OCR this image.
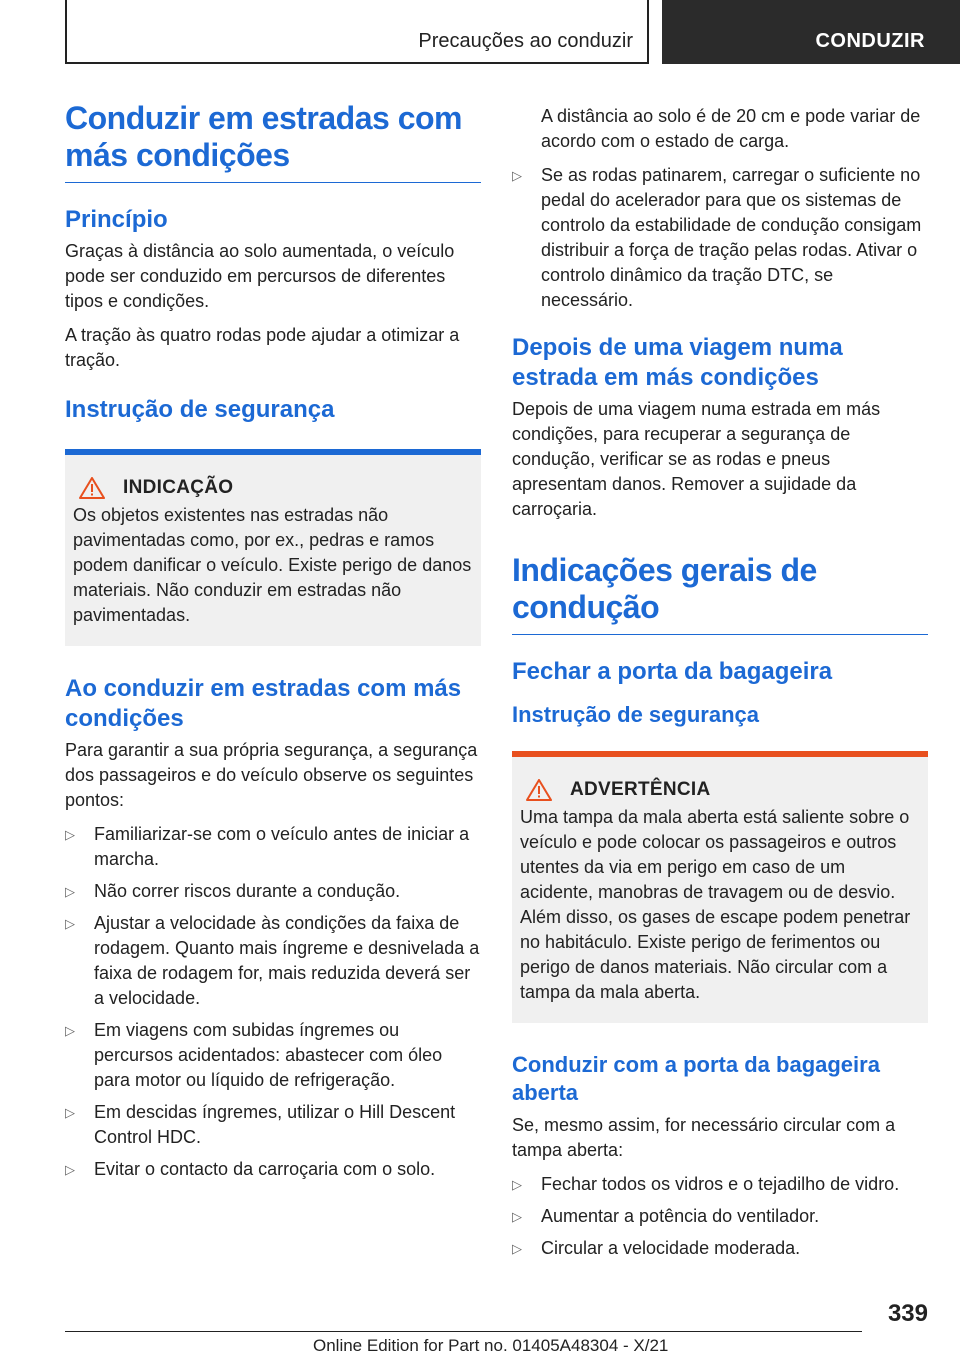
Precauções ao conduzir	CONDUZIR
Conduzir em estradas com más condições
Princípio

Graças à distância ao solo aumentada, o veículo pode ser conduzido em percursos de diferentes tipos e condições.

A tração às quatro rodas pode ajudar a otimizar a tração.

Instrução de segurança
INDICAÇÃO

Os objetos existentes nas estradas não pavimentadas como, por ex., pedras e ramos podem danificar o veículo. Existe perigo de danos materiais. Não conduzir em estradas não pavimentadas.

Ao conduzir em estradas com más condições

Para garantir a sua própria segurança, a segurança dos passageiros e do veículo observe os seguintes pontos:

▷ Familiarizar-se com o veículo antes de iniciar a marcha.
▷ Não correr riscos durante a condução.
▷ Ajustar a velocidade às condições da faixa de rodagem. Quanto mais íngreme e desnivelada a faixa de rodagem for, mais reduzida deverá ser a velocidade.
▷ Em viagens com subidas íngremes ou percursos acidentados: abastecer com óleo para motor ou líquido de refrigeração.
▷ Em descidas íngremes, utilizar o Hill Descent Control HDC.
▷ Evitar o contacto da carroçaria com o solo.

A distância ao solo é de 20 cm e pode variar de acordo com o estado de carga.

▷ Se as rodas patinarem, carregar o suficiente no pedal do acelerador para que os sistemas de controlo da estabilidade de condução consigam distribuir a força de tração pelas rodas. Ativar o controlo dinâmico da tração DTC, se necessário.
Depois de uma viagem numa estrada em más condições

Depois de uma viagem numa estrada em más condições, para recuperar a segurança de condução, verificar se as rodas e pneus apresentam danos. Remover a sujidade da carroçaria.

Indicações gerais de condução
Fechar a porta da bagageira
Instrução de segurança
ADVERTÊNCIA

Uma tampa da mala aberta está saliente sobre o veículo e pode colocar os passageiros e outros utentes da via em perigo em caso de um acidente, manobras de travagem ou de desvio. Além disso, os gases de escape podem penetrar no habitáculo. Existe perigo de ferimentos ou perigo de danos materiais. Não circular com a tampa da mala aberta.

Conduzir com a porta da bagageira aberta

Se, mesmo assim, for necessário circular com a tampa aberta:

▷ Fechar todos os vidros e o tejadilho de vidro.
▷ Aumentar a potência do ventilador.
▷ Circular a velocidade moderada.
339
Online Edition for Part no. 01405A48304 - X/21
